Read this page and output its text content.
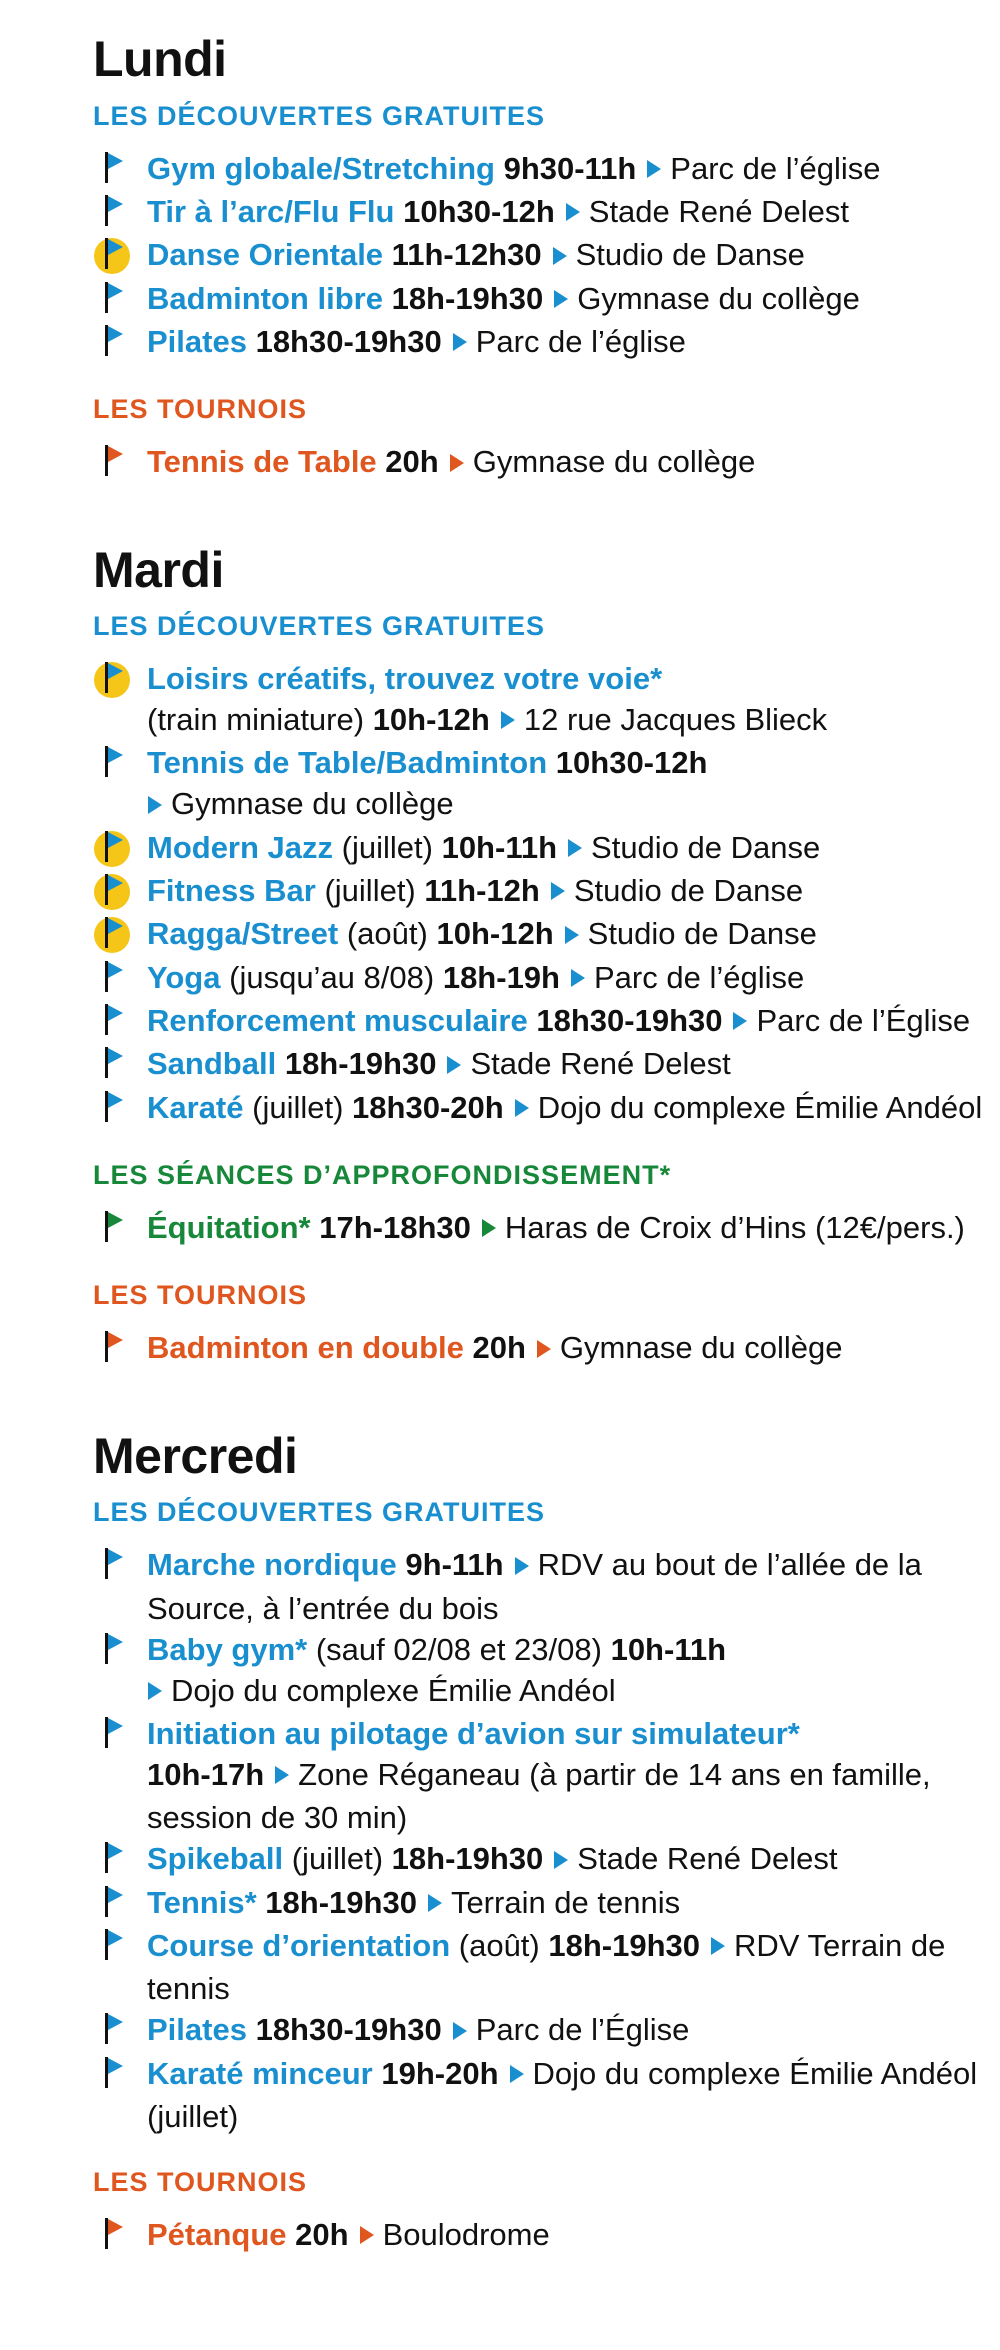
Lundi
LES DÉCOUVERTES GRATUITES
Gym globale/Stretching 9h30-11h Parc de l’église
Tir à l’arc/Flu Flu 10h30-12h Stade René Delest
Danse Orientale 11h-12h30 Studio de Danse
Badminton libre 18h-19h30 Gymnase du collège
Pilates 18h30-19h30 Parc de l’église
LES TOURNOIS
Tennis de Table 20h Gymnase du collège
Mardi
LES DÉCOUVERTES GRATUITES
Loisirs créatifs, trouvez votre voie*
(train miniature) 10h-12h 12 rue Jacques Blieck
Tennis de Table/Badminton 10h30-12h
Gymnase du collège
Modern Jazz (juillet) 10h-11h Studio de Danse
Fitness Bar (juillet) 11h-12h Studio de Danse
Ragga/Street (août) 10h-12h Studio de Danse
Yoga (jusqu’au 8/08) 18h-19h Parc de l’église
Renforcement musculaire 18h30-19h30 Parc de l’Église
Sandball 18h-19h30 Stade René Delest
Karaté (juillet) 18h30-20h Dojo du complexe Émilie Andéol
LES SÉANCES D’APPROFONDISSEMENT*
Équitation* 17h-18h30 Haras de Croix d’Hins (12€/pers.)
LES TOURNOIS
Badminton en double 20h Gymnase du collège
Mercredi
LES DÉCOUVERTES GRATUITES
Marche nordique 9h-11h RDV au bout de l’allée de la Source, à l’entrée du bois
Baby gym* (sauf 02/08 et 23/08) 10h-11h
Dojo du complexe Émilie Andéol
Initiation au pilotage d’avion sur simulateur*
10h-17h Zone Réganeau (à partir de 14 ans en famille, session de 30 min)
Spikeball (juillet) 18h-19h30 Stade René Delest
Tennis* 18h-19h30 Terrain de tennis
Course d’orientation (août) 18h-19h30 RDV Terrain de tennis
Pilates 18h30-19h30 Parc de l’Église
Karaté minceur 19h-20h Dojo du complexe Émilie Andéol (juillet)
LES TOURNOIS
Pétanque 20h Boulodrome
